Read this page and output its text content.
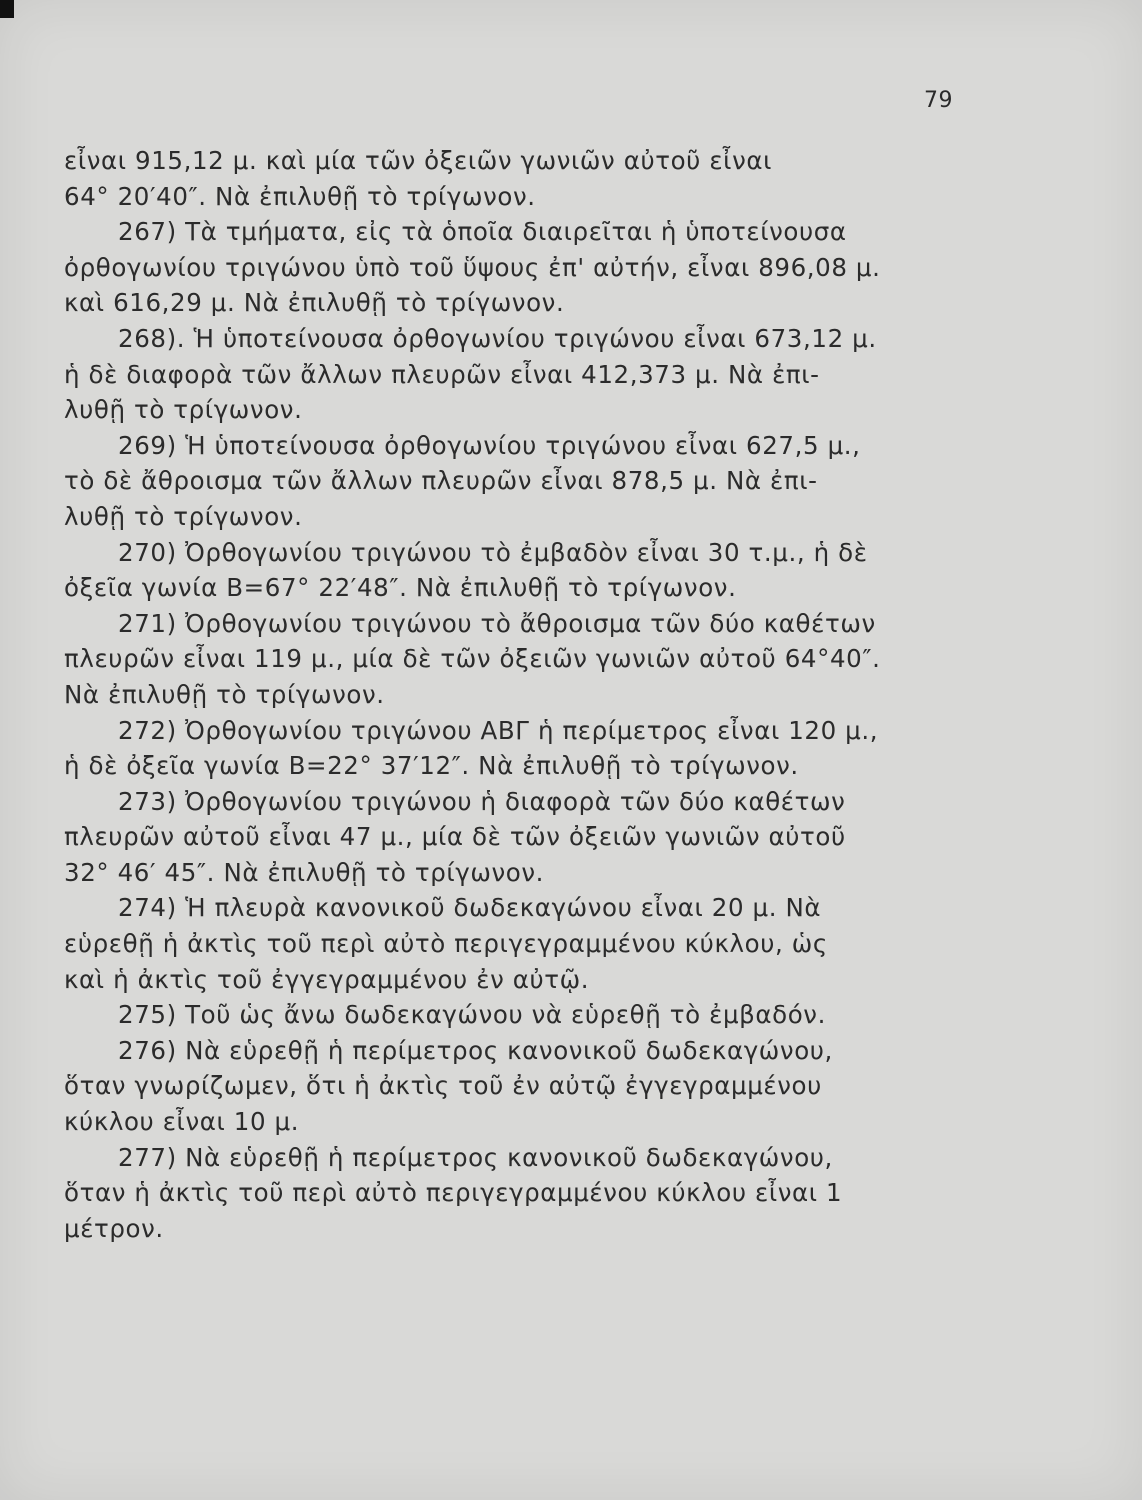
79
εἶναι 915,12 μ. καὶ μία τῶν ὀξειῶν γωνιῶν αὐτοῦ εἶναι
64° 20′40″. Νὰ ἐπιλυθῇ τὸ τρίγωνον.
267) Τὰ τμήματα, εἰς τὰ ὁποῖα διαιρεῖται ἡ ὑποτείνουσα
ὀρθογωνίου τριγώνου ὑπὸ τοῦ ὕψους ἐπ' αὐτήν, εἶναι 896,08 μ.
καὶ 616,29 μ. Νὰ ἐπιλυθῇ τὸ τρίγωνον.
268). Ἡ ὑποτείνουσα ὀρθογωνίου τριγώνου εἶναι 673,12 μ.
ἡ δὲ διαφορὰ τῶν ἄλλων πλευρῶν εἶναι 412,373 μ. Νὰ ἐπι-
λυθῇ τὸ τρίγωνον.
269) Ἡ ὑποτείνουσα ὀρθογωνίου τριγώνου εἶναι 627,5 μ.,
τὸ δὲ ἄθροισμα τῶν ἄλλων πλευρῶν εἶναι 878,5 μ. Νὰ ἐπι-
λυθῇ τὸ τρίγωνον.
270) Ὀρθογωνίου τριγώνου τὸ ἐμβαδὸν εἶναι 30 τ.μ., ἡ δὲ
ὀξεῖα γωνία Β=67° 22′48″. Νὰ ἐπιλυθῇ τὸ τρίγωνον.
271) Ὀρθογωνίου τριγώνου τὸ ἄθροισμα τῶν δύο καθέτων
πλευρῶν εἶναι 119 μ., μία δὲ τῶν ὀξειῶν γωνιῶν αὐτοῦ 64°40″.
Νὰ ἐπιλυθῇ τὸ τρίγωνον.
272) Ὀρθογωνίου τριγώνου ΑΒΓ ἡ περίμετρος εἶναι 120 μ.,
ἡ δὲ ὀξεῖα γωνία Β=22° 37′12″. Νὰ ἐπιλυθῇ τὸ τρίγωνον.
273) Ὀρθογωνίου τριγώνου ἡ διαφορὰ τῶν δύο καθέτων
πλευρῶν αὐτοῦ εἶναι 47 μ., μία δὲ τῶν ὀξειῶν γωνιῶν αὐτοῦ
32° 46′ 45″. Νὰ ἐπιλυθῇ τὸ τρίγωνον.
274) Ἡ πλευρὰ κανονικοῦ δωδεκαγώνου εἶναι 20 μ. Νὰ
εὑρεθῇ ἡ ἀκτὶς τοῦ περὶ αὐτὸ περιγεγραμμένου κύκλου, ὡς
καὶ ἡ ἀκτὶς τοῦ ἐγγεγραμμένου ἐν αὐτῷ.
275) Τοῦ ὡς ἄνω δωδεκαγώνου νὰ εὑρεθῇ τὸ ἐμβαδόν.
276) Νὰ εὑρεθῇ ἡ περίμετρος κανονικοῦ δωδεκαγώνου,
ὅταν γνωρίζωμεν, ὅτι ἡ ἀκτὶς τοῦ ἐν αὐτῷ ἐγγεγραμμένου
κύκλου εἶναι 10 μ.
277) Νὰ εὑρεθῇ ἡ περίμετρος κανονικοῦ δωδεκαγώνου,
ὅταν ἡ ἀκτὶς τοῦ περὶ αὐτὸ περιγεγραμμένου κύκλου εἶναι 1
μέτρον.
